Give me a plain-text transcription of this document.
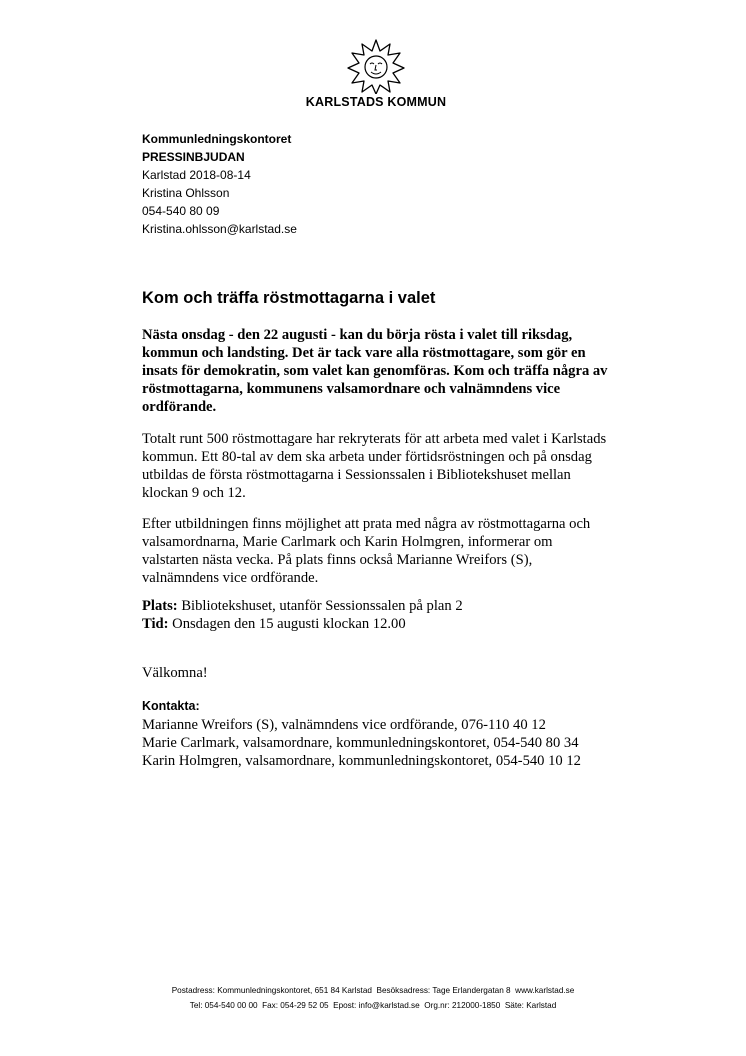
KARLSTADS KOMMUN
Kommunledningskontoret
PRESSINBJUDAN
Karlstad 2018-08-14
Kristina Ohlsson
054-540 80 09
Kristina.ohlsson@karlstad.se
Kom och träffa röstmottagarna i valet

Nästa onsdag - den 22 augusti - kan du börja rösta i valet till riksdag, kommun och landsting. Det är tack vare alla röstmottagare, som gör en insats för demokratin, som valet kan genomföras. Kom och träffa några av röstmottagarna, kommunens valsamordnare och valnämndens vice ordförande.

Totalt runt 500 röstmottagare har rekryterats för att arbeta med valet i Karlstads kommun. Ett 80-tal av dem ska arbeta under förtidsröstningen och på onsdag utbildas de första röstmottagarna i Sessionssalen i Bibliotekshuset mellan klockan 9 och 12.

Efter utbildningen finns möjlighet att prata med några av röstmottagarna och valsamordnarna, Marie Carlmark och Karin Holmgren, informerar om valstarten nästa vecka. På plats finns också Marianne Wreifors (S), valnämndens vice ordförande.

Plats: Bibliotekshuset, utanför Sessionssalen på plan 2
Tid: Onsdagen den 15 augusti klockan 12.00

Välkomna!

Kontakta:
Marianne Wreifors (S), valnämndens vice ordförande, 076-110 40 12
Marie Carlmark, valsamordnare, kommunledningskontoret, 054-540 80 34
Karin Holmgren, valsamordnare, kommunledningskontoret, 054-540 10 12
Postadress: Kommunledningskontoret, 651 84 Karlstad  Besöksadress: Tage Erlandergatan 8  www.karlstad.se
Tel: 054-540 00 00  Fax: 054-29 52 05  Epost: info@karlstad.se  Org.nr: 212000-1850  Säte: Karlstad
